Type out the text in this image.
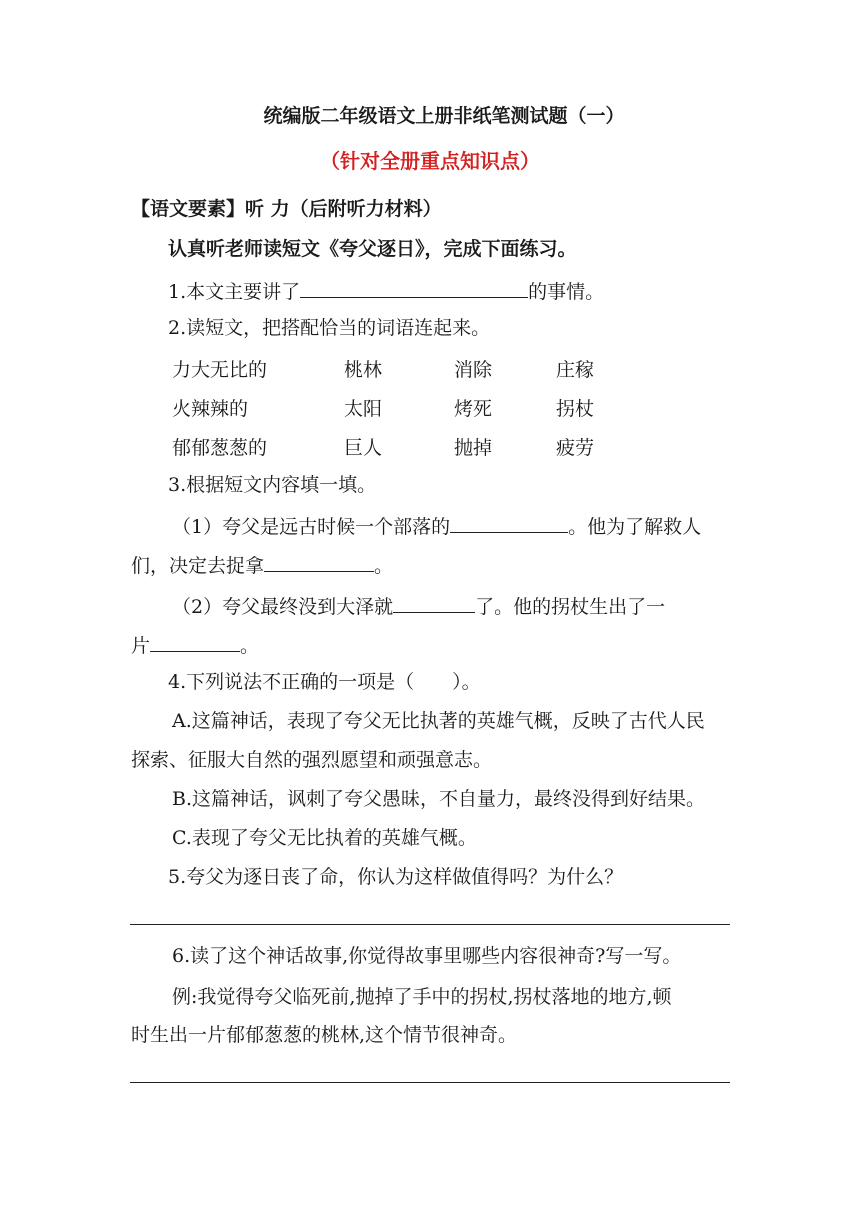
统编版二年级语文上册非纸笔测试题（一）
（针对全册重点知识点）
【语文要素】听 力（后附听力材料）
认真听老师读短文《夸父逐日》，完成下面练习。
1.本文主要讲了	的事情。
2.读短文，把搭配恰当的词语连起来。
力大无比的	桃林	消除	庄稼
火辣辣的	太阳	烤死	拐杖
郁郁葱葱的	巨人	抛掉	疲劳
3.根据短文内容填一填。
（1）夸父是远古时候一个部落的	。他为了解救人
们，决定去捉拿	。
（2）夸父最终没到大泽就	了。他的拐杖生出了一
片	。
4.下列说法不正确的一项是（　　）。
A.这篇神话，表现了夸父无比执著的英雄气概，反映了古代人民
探索、征服大自然的强烈愿望和顽强意志。
B.这篇神话，讽刺了夸父愚昧，不自量力，最终没得到好结果。
C.表现了夸父无比执着的英雄气概。
5.夸父为逐日丧了命，你认为这样做值得吗？为什么？
6.读了这个神话故事,你觉得故事里哪些内容很神奇?写一写。
例:我觉得夸父临死前,抛掉了手中的拐杖,拐杖落地的地方,顿
时生出一片郁郁葱葱的桃林,这个情节很神奇。
